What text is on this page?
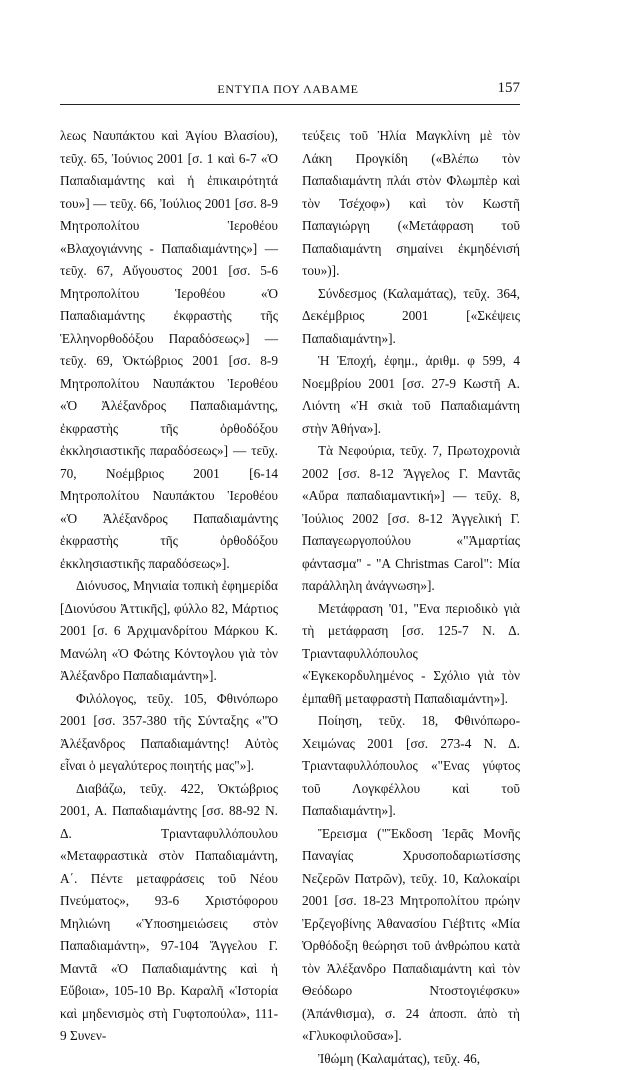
ΕΝΤΥΠΑ ΠΟΥ ΛΑΒΑΜΕ	157

λεως Ναυπάκτου καὶ Ἁγίου Βλασίου), τεῦχ. 65, Ἰούνιος 2001 [σ. 1 καὶ 6-7 «Ὁ Παπαδιαμάντης καὶ ἡ ἐπικαιρότητά του»] — τεῦχ. 66, Ἰούλιος 2001 [σσ. 8-9 Μητροπολίτου Ἱεροθέου «Βλαχογιάννης - Παπαδιαμάντης»] — τεῦχ. 67, Αὔγουστος 2001 [σσ. 5-6 Μητροπολίτου Ἱεροθέου «Ὁ Παπαδιαμάντης ἐκφραστὴς τῆς Ἑλληνορθοδόξου Παραδόσεως»] — τεῦχ. 69, Ὀκτώβριος 2001 [σσ. 8-9 Μητροπολίτου Ναυπάκτου Ἱεροθέου «Ὁ Ἀλέξανδρος Παπαδιαμάντης, ἐκφραστὴς τῆς ὀρθοδόξου ἐκκλησιαστικῆς παραδόσεως»] — τεῦχ. 70, Νοέμβριος 2001 [6-14 Μητροπολίτου Ναυπάκτου Ἱεροθέου «Ὁ Ἀλέξανδρος Παπαδιαμάντης ἐκφραστὴς τῆς ὀρθοδόξου ἐκκλησιαστικῆς παραδόσεως»].

Διόνυσος, Μηνιαία τοπικὴ ἐφημερίδα [Διονύσου Ἀττικῆς], φύλλο 82, Μάρτιος 2001 [σ. 6 Ἀρχιμανδρίτου Μάρκου Κ. Μανώλη «Ὁ Φώτης Κόντογλου γιὰ τὸν Ἀλέξανδρο Παπαδιαμάντη»].

Φιλόλογος, τεῦχ. 105, Φθινόπωρο 2001 [σσ. 357-380 τῆς Σύνταξης «"Ὁ Ἀλέξανδρος Παπαδιαμάντης! Αὐτὸς εἶναι ὁ μεγαλύτερος ποιητής μας"»].

Διαβάζω, τεῦχ. 422, Ὀκτώβριος 2001, Α. Παπαδιαμάντης [σσ. 88-92 Ν. Δ. Τριανταφυλλόπουλου «Μεταφραστικὰ στὸν Παπαδιαμάντη, Α΄. Πέντε μεταφράσεις τοῦ Νέου Πνεύματος», 93-6 Χριστόφορου Μηλιώνη «Ὑποσημειώσεις στὸν Παπαδιαμάντη», 97-104 Ἄγγελου Γ. Μαντᾶ «Ὁ Παπαδιαμάντης καὶ ἡ Εὔβοια», 105-10 Βρ. Καραλῆ «Ἱστορία καὶ μηδενισμὸς στὴ Γυφτοπούλα», 111-9 Συνεν-

τεύξεις τοῦ Ἠλία Μαγκλίνη μὲ τὸν Λάκη Προγκίδη («Βλέπω τὸν Παπαδιαμάντη πλάι στὸν Φλωμπὲρ καὶ τὸν Τσέχοφ») καὶ τὸν Κωστῆ Παπαγιώργη («Μετάφραση τοῦ Παπαδιαμάντη σημαίνει ἐκμηδένισή του»)].

Σύνδεσμος (Καλαμάτας), τεῦχ. 364, Δεκέμβριος 2001 [«Σκέψεις Παπαδιαμάντη»].

Ἡ Ἐποχή, ἐφημ., ἀριθμ. φ 599, 4 Νοεμβρίου 2001 [σσ. 27-9 Κωστῆ Α. Λιόντη «Ἡ σκιὰ τοῦ Παπαδιαμάντη στὴν Ἀθήνα»].

Τὰ Νεφούρια, τεῦχ. 7, Πρωτοχρονιὰ 2002 [σσ. 8-12 Ἄγγελος Γ. Μαντᾶς «Αὔρα παπαδιαμαντική»] — τεῦχ. 8, Ἰούλιος 2002 [σσ. 8-12 Ἀγγελική Γ. Παπαγεωργοπούλου «"Ἁμαρτίας φάντασμα" - "A Christmas Carol": Μία παράλληλη ἀνάγνωση»].

Μετάφραση '01, "Ενα περιοδικὸ γιὰ τὴ μετάφραση [σσ. 125-7 Ν. Δ. Τριανταφυλλόπουλος «Ἐγκεκορδυλημένος - Σχόλιο γιὰ τὸν ἐμπαθῆ μεταφραστὴ Παπαδιαμάντη»].

Ποίηση, τεῦχ. 18, Φθινόπωρο-Χειμώνας 2001 [σσ. 273-4 Ν. Δ. Τριανταφυλλόπουλος «"Ενας γύφτος τοῦ Λογκφέλλου καὶ τοῦ Παπαδιαμάντη»].

Ἔρεισμα ("Ἔκδοση Ἱερᾶς Μονῆς Παναγίας Χρυσοποδαριωτίσσης Νεζερῶν Πατρῶν), τεῦχ. 10, Καλοκαίρι 2001 [σσ. 18-23 Μητροπολίτου πρώην Ἐρζεγοβίνης Ἀθανασίου Γιέβτιτς «Μία Ὀρθόδοξη θεώρησι τοῦ ἀνθρώπου κατὰ τὸν Ἀλέξανδρο Παπαδιαμάντη καὶ τὸν Θεόδωρο Ντοστογιέφσκυ» (Ἀπάνθισμα), σ. 24 ἀποσπ. ἀπὸ τὴ «Γλυκοφιλοῦσα»].

Ἰθώμη (Καλαμάτας), τεῦχ. 46,
